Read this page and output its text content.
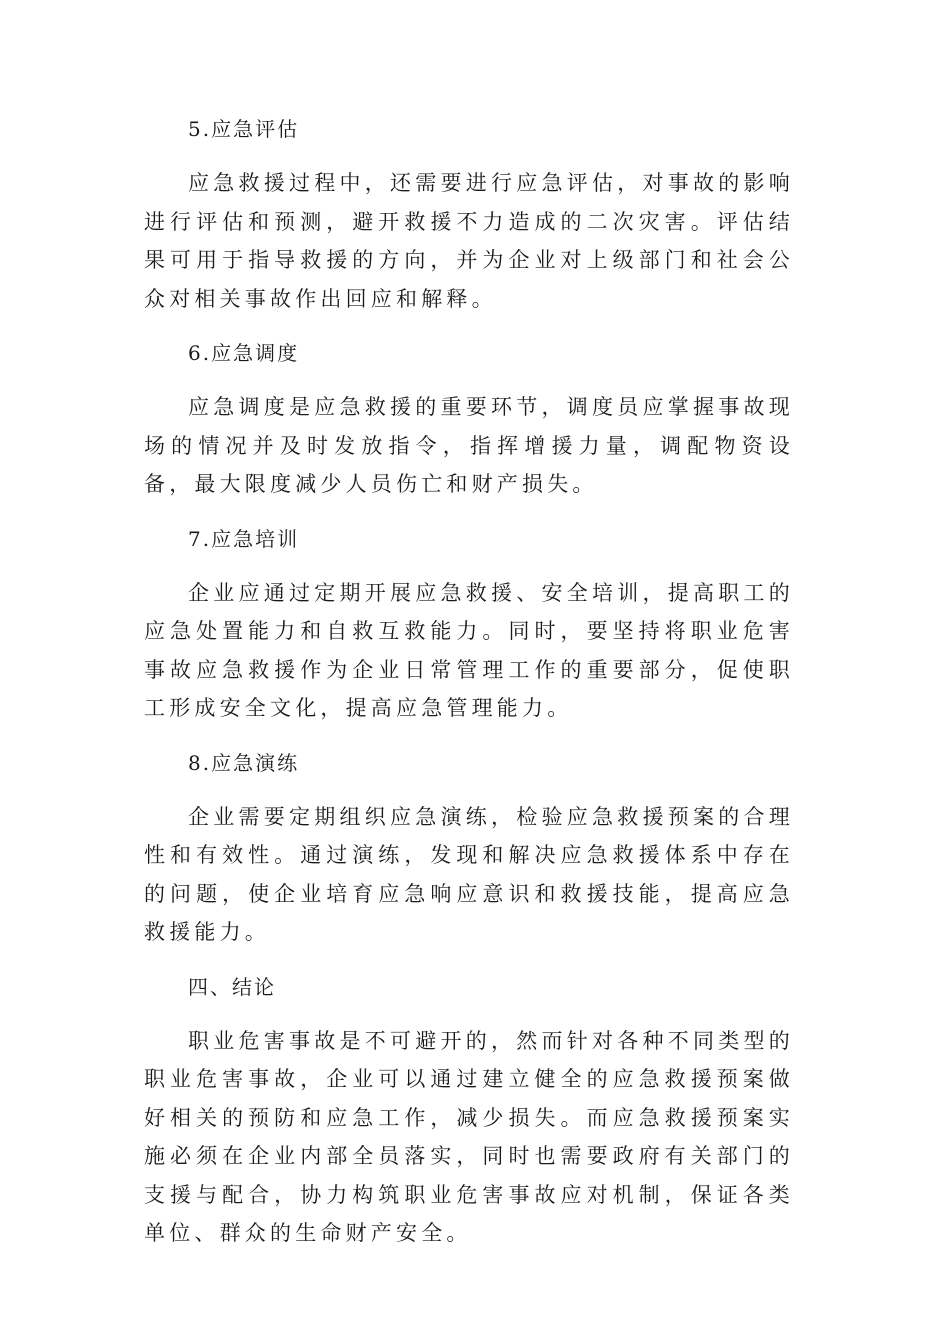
5.应急评估

应急救援过程中，还需要进行应急评估，对事故的影响进行评估和预测，避开救援不力造成的二次灾害。评估结果可用于指导救援的方向，并为企业对上级部门和社会公众对相关事故作出回应和解释。

6.应急调度

应急调度是应急救援的重要环节，调度员应掌握事故现场的情况并及时发放指令，指挥增援力量，调配物资设备，最大限度减少人员伤亡和财产损失。

7.应急培训

企业应通过定期开展应急救援、安全培训，提高职工的应急处置能力和自救互救能力。同时，要坚持将职业危害事故应急救援作为企业日常管理工作的重要部分，促使职工形成安全文化，提高应急管理能力。

8.应急演练

企业需要定期组织应急演练，检验应急救援预案的合理性和有效性。通过演练，发现和解决应急救援体系中存在的问题，使企业培育应急响应意识和救援技能，提高应急救援能力。

四、结论

职业危害事故是不可避开的，然而针对各种不同类型的职业危害事故，企业可以通过建立健全的应急救援预案做好相关的预防和应急工作，减少损失。而应急救援预案实施必须在企业内部全员落实，同时也需要政府有关部门的支援与配合，协力构筑职业危害事故应对机制，保证各类单位、群众的生命财产安全。
